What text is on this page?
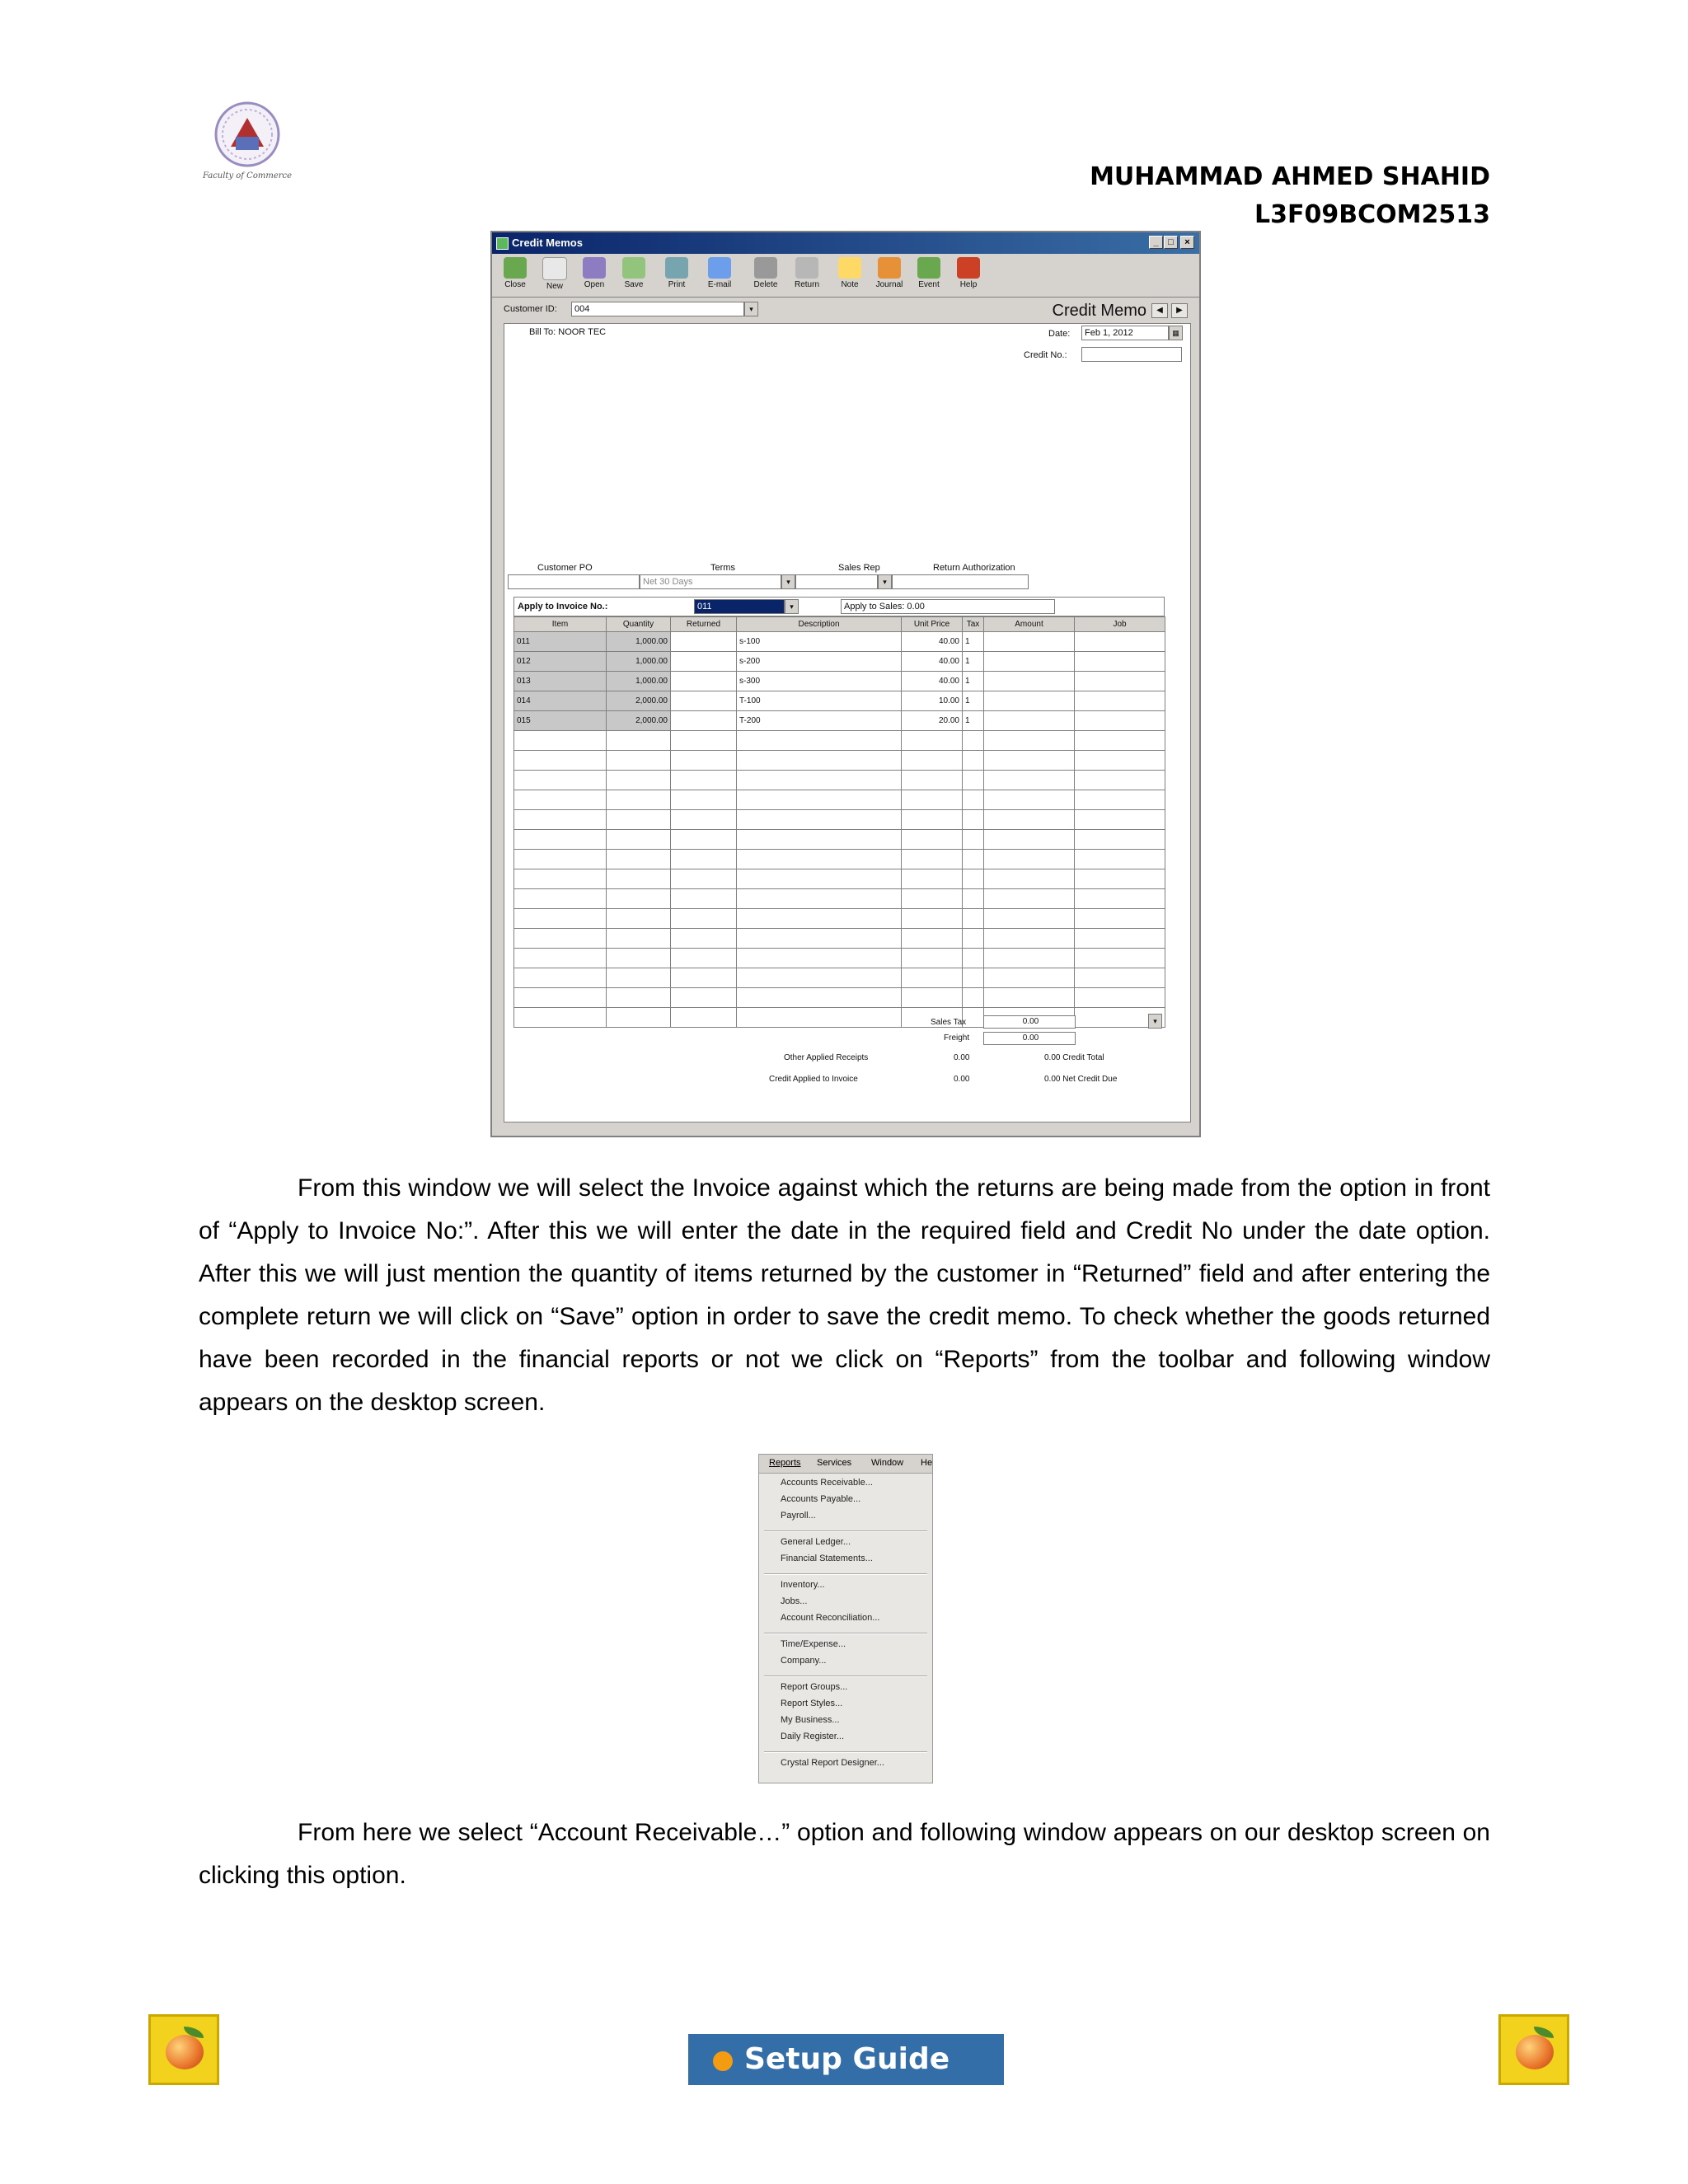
Faculty of Commerce	MUHAMMAD AHMED SHAHID
L3F09BCOM2513
Credit Memos	_	□	×
Close	New	Open	Save	Print	E-mail	Delete	Return	Note	Journal	Event	Help
Customer ID:	004	▾	Credit Memo	◀	▶
Bill To: NOOR TEC	Date:	Feb 1, 2012	▦
Credit No.:
Customer PO	Terms	Sales Rep	Return Authorization
Net 30 Days	▾	▾
Apply to Invoice No.:	011	▾	Apply to Sales: 0.00
Item	Quantity	Returned	Description	Unit Price	Tax	Amount	Job
011	1,000.00		s-100	40.00	1		
012	1,000.00		s-200	40.00	1		
013	1,000.00		s-300	40.00	1		
014	2,000.00		T-100	10.00	1		
015	2,000.00		T-200	20.00	1		

Sales Tax	0.00	▾
Freight	0.00
Other Applied Receipts	0.00	0.00 Credit Total
Credit Applied to Invoice	0.00	0.00 Net Credit Due

From this window we will select the Invoice against which the returns are being made from the option in front of “Apply to Invoice No:”. After this we will enter the date in the required field and Credit No under the date option. After this we will just mention the quantity of items returned by the customer in “Returned” field and after entering the complete return we will click on “Save” option in order to save the credit memo. To check whether the goods returned have been recorded in the financial reports or not we click on “Reports” from the toolbar and following window appears on the desktop screen.

Reports Services Window He
Accounts Receivable...
Accounts Payable...
Payroll...
General Ledger...
Financial Statements...
Inventory...
Jobs...
Account Reconciliation...
Time/Expense...
Company...
Report Groups...
Report Styles...
My Business...
Daily Register...
Crystal Report Designer...

From here we select “Account Receivable…” option and following window appears on our desktop screen on clicking this option.

Setup Guide
